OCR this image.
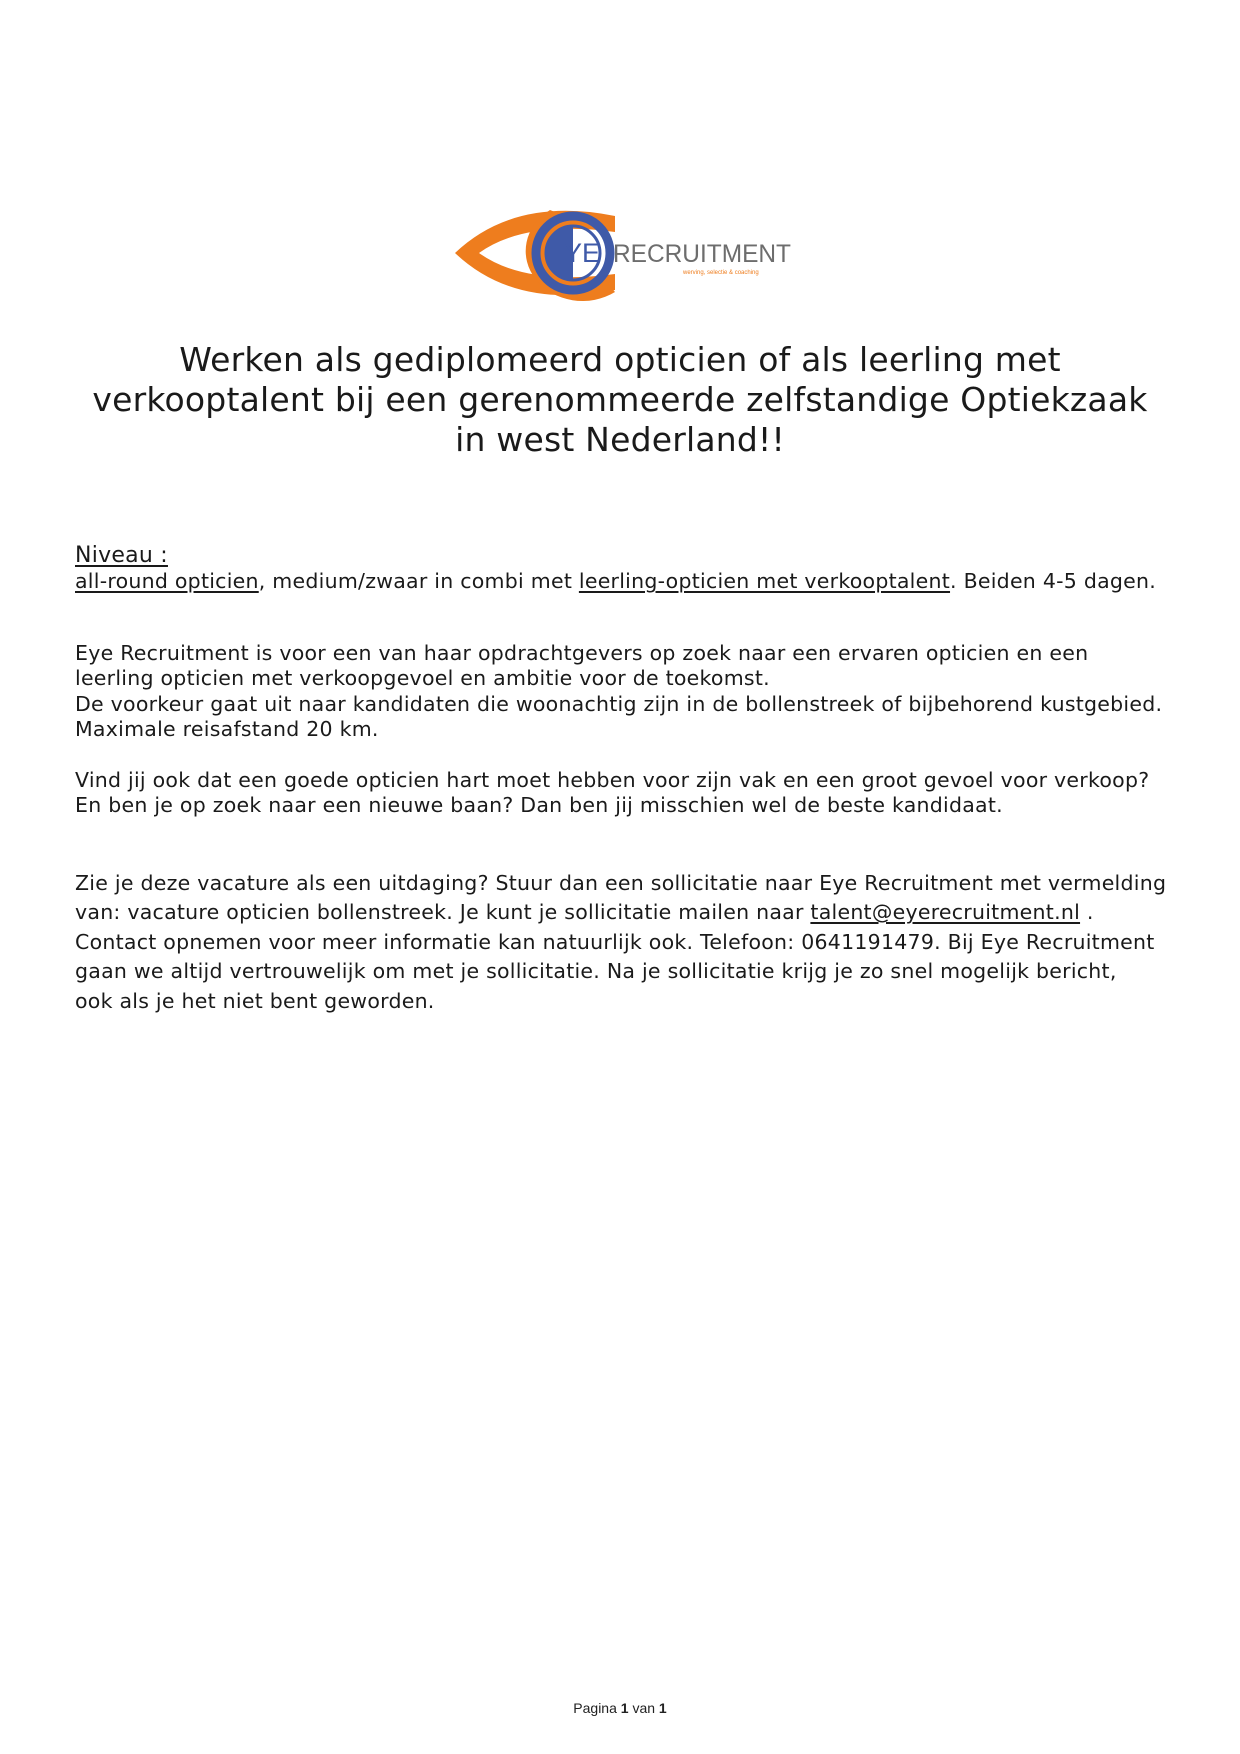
YE RECRUITMENT
werving, selectie & coaching
Werken als gediplomeerd opticien of als leerling met
verkooptalent bij een gerenommeerde zelfstandige Optiekzaak
in west Nederland!!
Niveau :
all-round opticien, medium/zwaar in combi met leerling-opticien met verkooptalent. Beiden 4-5 dagen.
Eye Recruitment is voor een van haar opdrachtgevers op zoek naar een ervaren opticien en een
leerling opticien met verkoopgevoel en ambitie voor de toekomst.
De voorkeur gaat uit naar kandidaten die woonachtig zijn in de bollenstreek of bijbehorend kustgebied.
Maximale reisafstand 20 km.
Vind jij ook dat een goede opticien hart moet hebben voor zijn vak en een groot gevoel voor verkoop?
En ben je op zoek naar een nieuwe baan? Dan ben jij misschien wel de beste kandidaat.
Zie je deze vacature als een uitdaging? Stuur dan een sollicitatie naar Eye Recruitment met vermelding
van: vacature opticien bollenstreek. Je kunt je sollicitatie mailen naar talent@eyerecruitment.nl .
Contact opnemen voor meer informatie kan natuurlijk ook. Telefoon: 0641191479. Bij Eye Recruitment
gaan we altijd vertrouwelijk om met je sollicitatie. Na je sollicitatie krijg je zo snel mogelijk bericht,
ook als je het niet bent geworden.
Pagina 1 van 1
